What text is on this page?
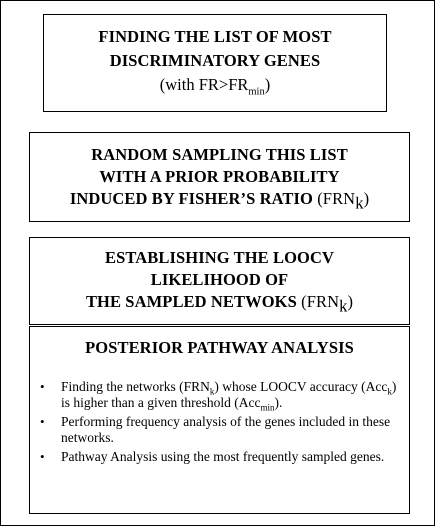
FINDING THE LIST OF MOST
DISCRIMINATORY GENES
(with $FR>FR_{min}$)
RANDOM SAMPLING THIS LIST
WITH A PRIOR PROBABILITY
INDUCED BY FISHER’S RATIO $(FRN_k)$
ESTABLISHING THE LOOCV
LIKELIHOOD OF
THE SAMPLED NETWOKS $(FRN_k)$
POSTERIOR PATHWAY ANALYSIS
• Finding the networks $(FRN_k)$ whose LOOCV accuracy (Acc$_k$) is higher than a given threshold (Acc$_{min}$).
• Performing frequency analysis of the genes included in these networks.
• Pathway Analysis using the most frequently sampled genes.
